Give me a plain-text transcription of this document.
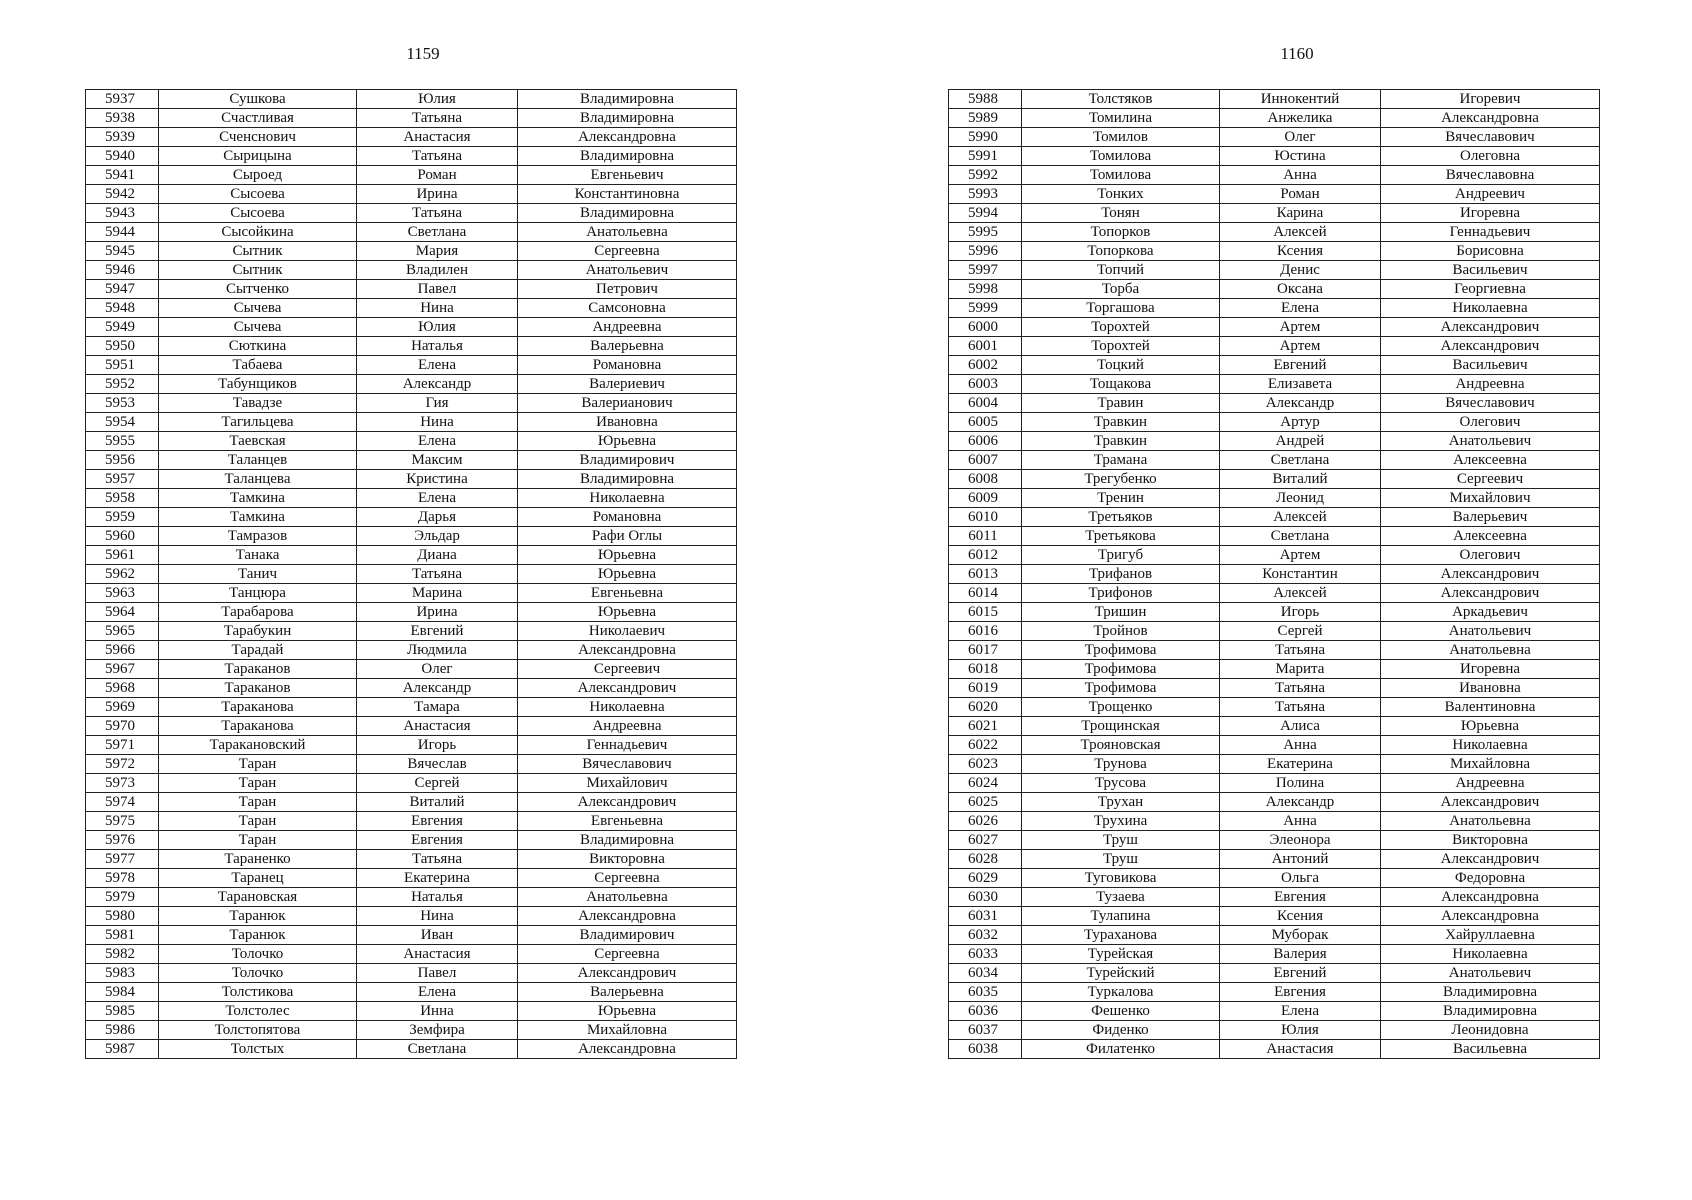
1159	1160
5937	Сушкова	Юлия	Владимировна
5938	Счастливая	Татьяна	Владимировна
5939	Сченснович	Анастасия	Александровна
5940	Сырицына	Татьяна	Владимировна
5941	Сыроед	Роман	Евгеньевич
5942	Сысоева	Ирина	Константиновна
5943	Сысоева	Татьяна	Владимировна
5944	Сысойкина	Светлана	Анатольевна
5945	Сытник	Мария	Сергеевна
5946	Сытник	Владилен	Анатольевич
5947	Сытченко	Павел	Петрович
5948	Сычева	Нина	Самсоновна
5949	Сычева	Юлия	Андреевна
5950	Сюткина	Наталья	Валерьевна
5951	Табаева	Елена	Романовна
5952	Табунщиков	Александр	Валериевич
5953	Тавадзе	Гия	Валерианович
5954	Тагильцева	Нина	Ивановна
5955	Таевская	Елена	Юрьевна
5956	Таланцев	Максим	Владимирович
5957	Таланцева	Кристина	Владимировна
5958	Тамкина	Елена	Николаевна
5959	Тамкина	Дарья	Романовна
5960	Тамразов	Эльдар	Рафи Оглы
5961	Танака	Диана	Юрьевна
5962	Танич	Татьяна	Юрьевна
5963	Танцюра	Марина	Евгеньевна
5964	Тарабарова	Ирина	Юрьевна
5965	Тарабукин	Евгений	Николаевич
5966	Тарадай	Людмила	Александровна
5967	Тараканов	Олег	Сергеевич
5968	Тараканов	Александр	Александрович
5969	Тараканова	Тамара	Николаевна
5970	Тараканова	Анастасия	Андреевна
5971	Таракановский	Игорь	Геннадьевич
5972	Таран	Вячеслав	Вячеславович
5973	Таран	Сергей	Михайлович
5974	Таран	Виталий	Александрович
5975	Таран	Евгения	Евгеньевна
5976	Таран	Евгения	Владимировна
5977	Тараненко	Татьяна	Викторовна
5978	Таранец	Екатерина	Сергеевна
5979	Тарановская	Наталья	Анатольевна
5980	Таранюк	Нина	Александровна
5981	Таранюк	Иван	Владимирович
5982	Толочко	Анастасия	Сергеевна
5983	Толочко	Павел	Александрович
5984	Толстикова	Елена	Валерьевна
5985	Толстолес	Инна	Юрьевна
5986	Толстопятова	Земфира	Михайловна
5987	Толстых	Светлана	Александровна
5988	Толстяков	Иннокентий	Игоревич
5989	Томилина	Анжелика	Александровна
5990	Томилов	Олег	Вячеславович
5991	Томилова	Юстина	Олеговна
5992	Томилова	Анна	Вячеславовна
5993	Тонких	Роман	Андреевич
5994	Тонян	Карина	Игоревна
5995	Топорков	Алексей	Геннадьевич
5996	Топоркова	Ксения	Борисовна
5997	Топчий	Денис	Васильевич
5998	Торба	Оксана	Георгиевна
5999	Торгашова	Елена	Николаевна
6000	Торохтей	Артем	Александрович
6001	Торохтей	Артем	Александрович
6002	Тоцкий	Евгений	Васильевич
6003	Тощакова	Елизавета	Андреевна
6004	Травин	Александр	Вячеславович
6005	Травкин	Артур	Олегович
6006	Травкин	Андрей	Анатольевич
6007	Трамана	Светлана	Алексеевна
6008	Трегубенко	Виталий	Сергеевич
6009	Тренин	Леонид	Михайлович
6010	Третьяков	Алексей	Валерьевич
6011	Третьякова	Светлана	Алексеевна
6012	Тригуб	Артем	Олегович
6013	Трифанов	Константин	Александрович
6014	Трифонов	Алексей	Александрович
6015	Тришин	Игорь	Аркадьевич
6016	Тройнов	Сергей	Анатольевич
6017	Трофимова	Татьяна	Анатольевна
6018	Трофимова	Марита	Игоревна
6019	Трофимова	Татьяна	Ивановна
6020	Трощенко	Татьяна	Валентиновна
6021	Трощинская	Алиса	Юрьевна
6022	Трояновская	Анна	Николаевна
6023	Трунова	Екатерина	Михайловна
6024	Трусова	Полина	Андреевна
6025	Трухан	Александр	Александрович
6026	Трухина	Анна	Анатольевна
6027	Труш	Элеонора	Викторовна
6028	Труш	Антоний	Александрович
6029	Туговикова	Ольга	Федоровна
6030	Тузаева	Евгения	Александровна
6031	Тулапина	Ксения	Александровна
6032	Тураханова	Муборак	Хайруллаевна
6033	Турейская	Валерия	Николаевна
6034	Турейский	Евгений	Анатольевич
6035	Туркалова	Евгения	Владимировна
6036	Фешенко	Елена	Владимировна
6037	Фиденко	Юлия	Леонидовна
6038	Филатенко	Анастасия	Васильевна
